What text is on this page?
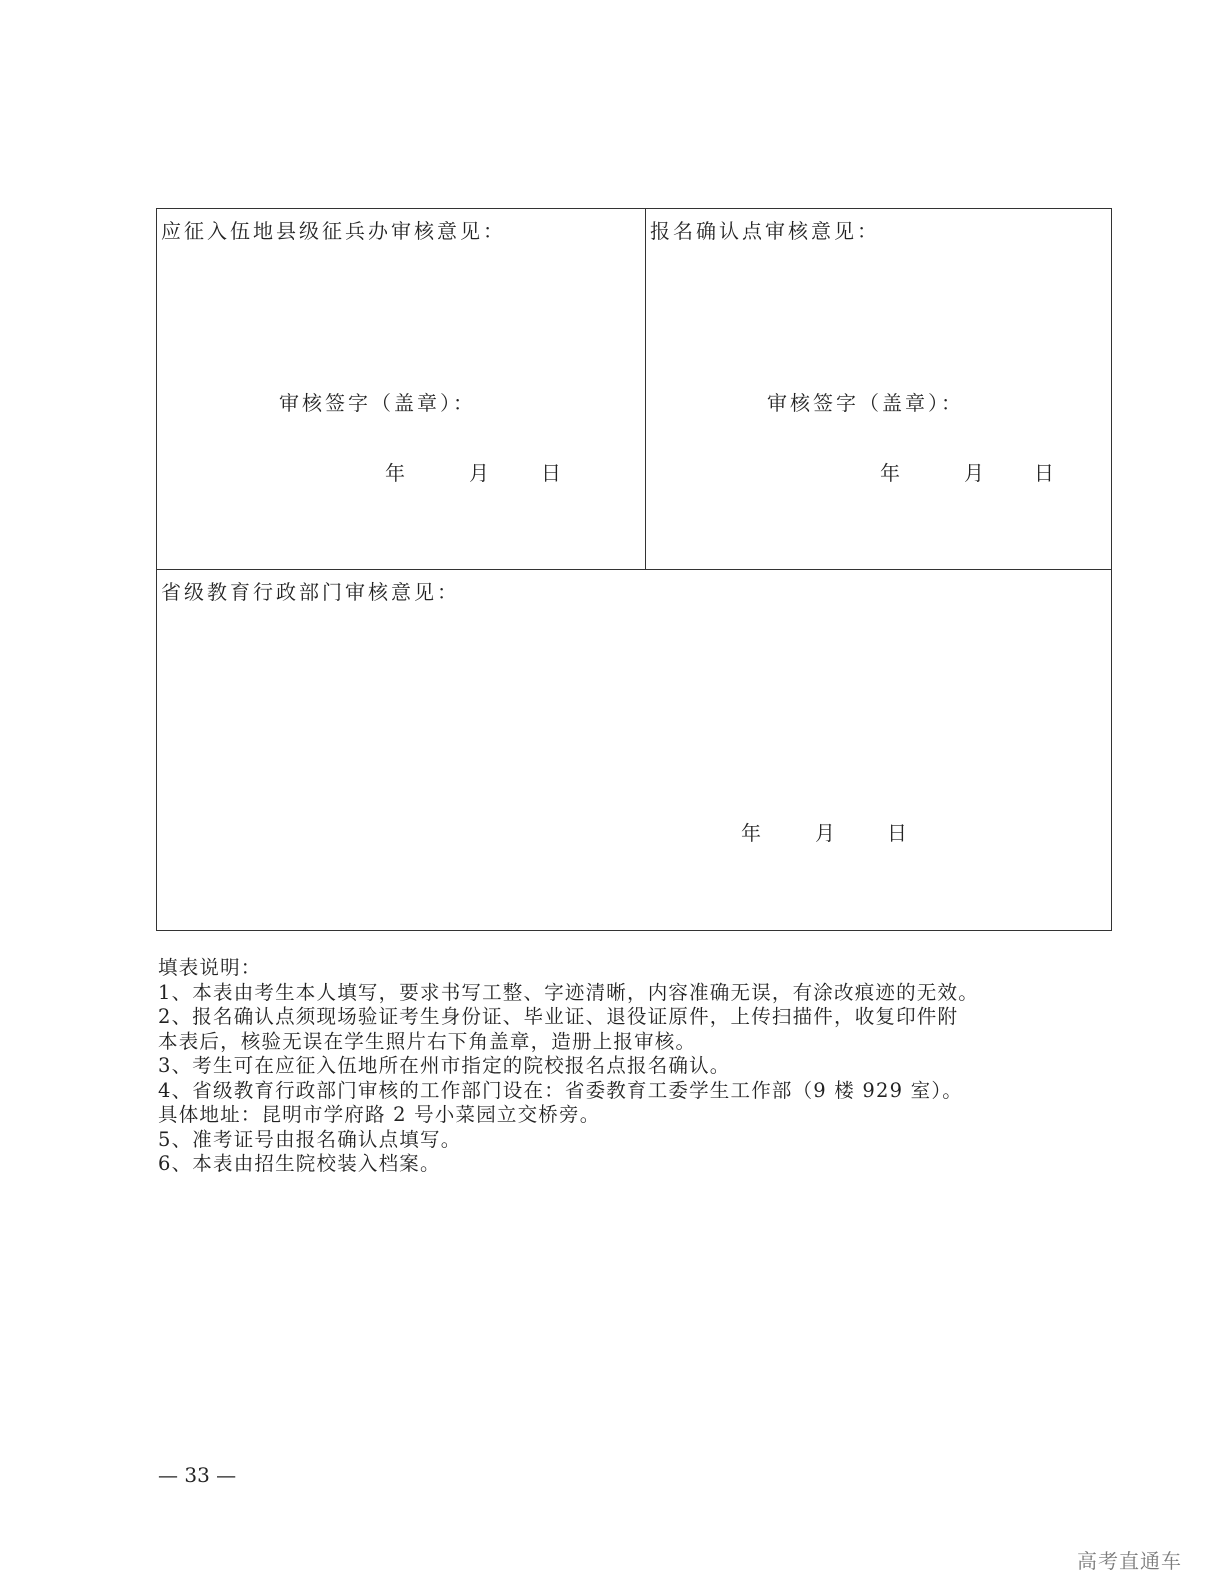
应征入伍地县级征兵办审核意见：
审核签字（盖章）：
年	月	日
报名确认点审核意见：
审核签字（盖章）：
年	月	日
省级教育行政部门审核意见：
年	月	日
填表说明：
1、本表由考生本人填写，要求书写工整、字迹清晰，内容准确无误，有涂改痕迹的无效。
2、报名确认点须现场验证考生身份证、毕业证、退役证原件，上传扫描件，收复印件附
本表后，核验无误在学生照片右下角盖章，造册上报审核。
3、考生可在应征入伍地所在州市指定的院校报名点报名确认。
4、省级教育行政部门审核的工作部门设在：省委教育工委学生工作部（9 楼 929 室）。
具体地址：昆明市学府路 2 号小菜园立交桥旁。
5、准考证号由报名确认点填写。
6、本表由招生院校装入档案。
— 33 —
高考直通车
